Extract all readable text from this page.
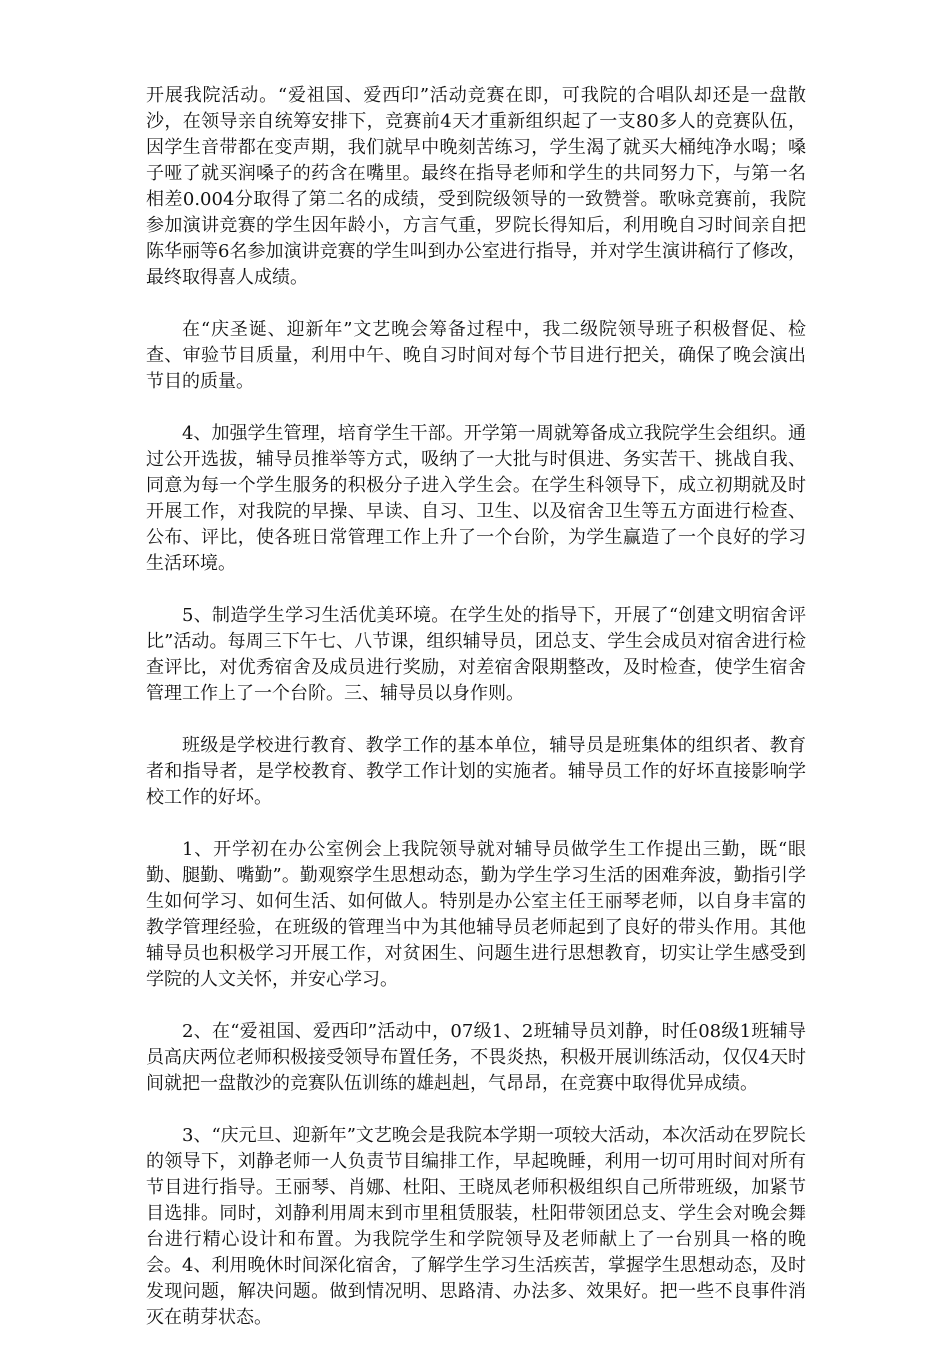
开展我院活动。“爱祖国、爱西印”活动竞赛在即，可我院的合唱队却还是一盘散沙，在领导亲自统筹安排下，竞赛前4天才重新组织起了一支80多人的竞赛队伍，因学生音带都在变声期，我们就早中晚刻苦练习，学生渴了就买大桶纯净水喝；嗓子哑了就买润嗓子的药含在嘴里。最终在指导老师和学生的共同努力下，与第一名相差0.004分取得了第二名的成绩，受到院级领导的一致赞誉。歌咏竞赛前，我院参加演讲竞赛的学生因年龄小，方言气重，罗院长得知后，利用晚自习时间亲自把陈华丽等6名参加演讲竞赛的学生叫到办公室进行指导，并对学生演讲稿行了修改，最终取得喜人成绩。

在“庆圣诞、迎新年”文艺晚会筹备过程中，我二级院领导班子积极督促、检查、审验节目质量，利用中午、晚自习时间对每个节目进行把关，确保了晚会演出节目的质量。

4、加强学生管理，培育学生干部。开学第一周就筹备成立我院学生会组织。通过公开选拔，辅导员推举等方式，吸纳了一大批与时俱进、务实苦干、挑战自我、同意为每一个学生服务的积极分子进入学生会。在学生科领导下，成立初期就及时开展工作，对我院的早操、早读、自习、卫生、以及宿舍卫生等五方面进行检查、公布、评比，使各班日常管理工作上升了一个台阶，为学生赢造了一个良好的学习生活环境。

5、制造学生学习生活优美环境。在学生处的指导下，开展了“创建文明宿舍评比”活动。每周三下午七、八节课，组织辅导员，团总支、学生会成员对宿舍进行检查评比，对优秀宿舍及成员进行奖励，对差宿舍限期整改，及时检查，使学生宿舍管理工作上了一个台阶。三、辅导员以身作则。

班级是学校进行教育、教学工作的基本单位，辅导员是班集体的组织者、教育者和指导者，是学校教育、教学工作计划的实施者。辅导员工作的好坏直接影响学校工作的好坏。

1、开学初在办公室例会上我院领导就对辅导员做学生工作提出三勤，既“眼勤、腿勤、嘴勤”。勤观察学生思想动态，勤为学生学习生活的困难奔波，勤指引学生如何学习、如何生活、如何做人。特别是办公室主任王丽琴老师，以自身丰富的教学管理经验，在班级的管理当中为其他辅导员老师起到了良好的带头作用。其他辅导员也积极学习开展工作，对贫困生、问题生进行思想教育，切实让学生感受到学院的人文关怀，并安心学习。

2、在“爱祖国、爱西印”活动中，07级1、2班辅导员刘静，时任08级1班辅导员高庆两位老师积极接受领导布置任务，不畏炎热，积极开展训练活动，仅仅4天时间就把一盘散沙的竞赛队伍训练的雄赳赳，气昂昂，在竞赛中取得优异成绩。

3、“庆元旦、迎新年”文艺晚会是我院本学期一项较大活动，本次活动在罗院长的领导下，刘静老师一人负责节目编排工作，早起晚睡，利用一切可用时间对所有节目进行指导。王丽琴、肖娜、杜阳、王晓凤老师积极组织自己所带班级，加紧节目选排。同时，刘静利用周末到市里租赁服装，杜阳带领团总支、学生会对晚会舞台进行精心设计和布置。为我院学生和学院领导及老师献上了一台别具一格的晚会。4、利用晚休时间深化宿舍，了解学生学习生活疾苦，掌握学生思想动态，及时发现问题，解决问题。做到情况明、思路清、办法多、效果好。把一些不良事件消灭在萌芽状态。
